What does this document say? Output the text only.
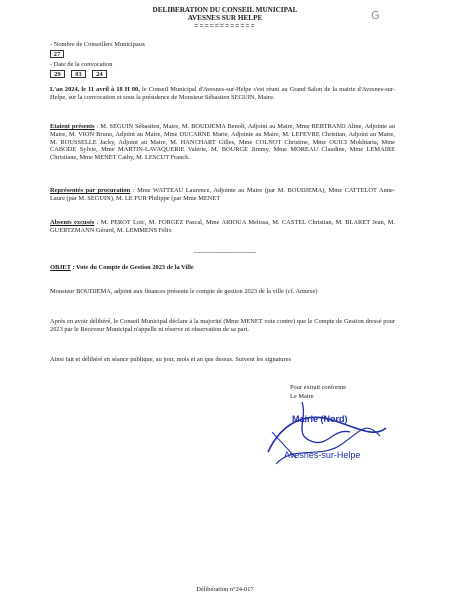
DELIBERATION DU CONSEIL MUNICIPAL
AVESNES SUR HELPE
============
G
- Nombre de Conseillers Municipaux
27
- Date de la convocation
29	03	24
L'an 2024, le 11 avril à 18 H 00, le Conseil Municipal d'Avesnes-sur-Helpe s'est réuni au Grand Salon de la mairie d'Avesnes-sur-Helpe, sur la convocation et sous la présidence de Monsieur Sébastien SEGUIN, Maire.
Etaient présents : M. SEGUIN Sébastien, Maire, M. BOUDJEMA Benoît, Adjoint au Maire, Mme BERTRAND Aline, Adjointe au Maire, M. VION Bruno, Adjoint au Maire, Mme DUCARNE Marie, Adjointe au Maire, M. LEFEVRE Christian, Adjoint au Maire, M. ROUSSELLE Jacky, Adjoint au Maire, M. HANCHART Gilles, Mme COLNOT Christine, Mme OUICI Mokhtaria, Mme CABODE Sylvie, Mme MARTIN-LAVAQUERIE Valérie, M. BOURGE Jimmy, Mme MOREAU Claudine, Mme LEMAIRE Christiane, Mme MENET Cathy, M. LESCUT Franck.
Représentés par procuration : Mme WATTEAU Laurence, Adjointe au Maire (par M. BOUDJEMA), Mme CATTELOT Anne-Laure (par M. SEGUIN), M. LE FUR Philippe (par Mme MENET
Absents excusés : M. PEROT Loïc, M. FORGEZ Pascal, Mme ARIOUA Melissa, M. CASTEL Christian, M. BLARET Jean, M. GUERTZMANN Gérard, M. LEMMENS Félix
-----------------------------
OBJET : Vote du Compte de Gestion 2023 de la Ville
Monsieur BOUDJEMA, adjoint aux finances présente le compte de gestion 2023 de la ville (cf. Annexe)
Après en avoir délibéré, le Conseil Municipal déclare à la majorité (Mme MENET vote contre) que le Compte de Gestion dressé pour 2023 par le Receveur Municipal n'appelle ni réserve ni observation de sa part.
Ainsi fait et délibéré en séance publique, au jour, mois et an que dessus. Suivent les signatures
Pour extrait conforme
Le Maire
Mairie (Nord)
Avesnes-sur-Helpe
Délibération n°24-017
